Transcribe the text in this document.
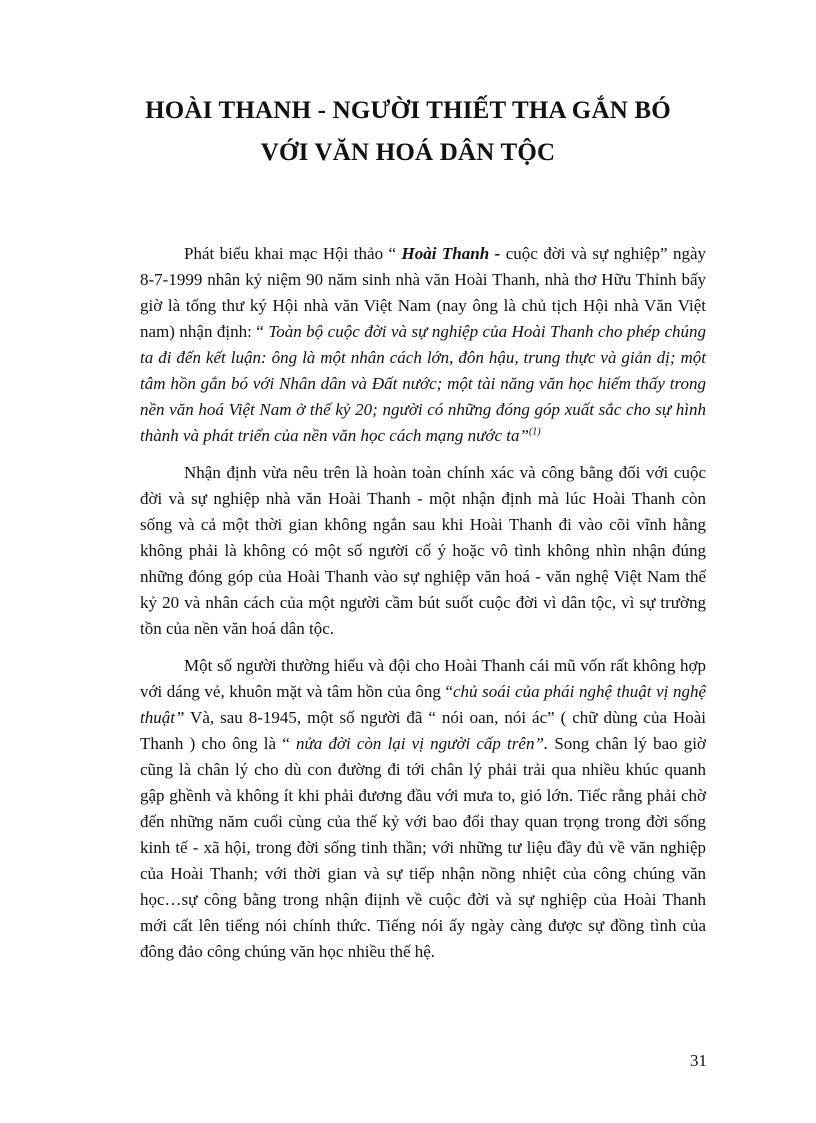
HOÀI THANH - NGƯỜI THIẾT THA GẮN BÓ
VỚI VĂN HOÁ DÂN TỘC

Phát biểu khai mạc Hội thảo “ Hoài Thanh - cuộc đời và sự nghiệp” ngày 8-7-1999 nhân kỷ niệm 90 năm sinh nhà văn Hoài Thanh, nhà thơ Hữu Thỉnh bấy giờ là tổng thư ký Hội nhà văn Việt Nam (nay ông là chủ tịch Hội nhà Văn Việt nam) nhận định: “ Toàn bộ cuộc đời và sự nghiệp của Hoài Thanh cho phép chúng ta đi đến kết luận: ông là một nhân cách lớn, đôn hậu, trung thực và giản dị; một tâm hồn gắn bó với Nhân dân và Đất nước; một tài năng văn học hiếm thấy trong nền văn hoá Việt Nam ở thế kỷ 20; người có những đóng góp xuất sắc cho sự hình thành và phát triển của nền văn học cách mạng nước ta”$^{(1)}$

Nhận định vừa nêu trên là hoàn toàn chính xác và công bằng đối với cuộc đời và sự nghiệp nhà văn Hoài Thanh - một nhận định mà lúc Hoài Thanh còn sống và cả một thời gian không ngắn sau khi Hoài Thanh đi vào cõi vĩnh hằng không phải là không có một số người cố ý hoặc vô tình không nhìn nhận đúng những đóng góp của Hoài Thanh vào sự nghiệp văn hoá - văn nghệ Việt Nam thế kỷ 20 và nhân cách của một người cầm bút suốt cuộc đời vì dân tộc, vì sự trường tồn của nền văn hoá dân tộc.

Một số người thường hiểu và đội cho Hoài Thanh cái mũ vốn rất không hợp với dáng vẻ, khuôn mặt và tâm hồn của ông “chủ soái của phái nghệ thuật vị nghệ thuật” Và, sau 8-1945, một số người đã “ nói oan, nói ác” ( chữ dùng của Hoài Thanh ) cho ông là “ nửa đời còn lại vị người cấp trên”. Song chân lý bao giờ cũng là chân lý cho dù con đường đi tới chân lý phải trải qua nhiều khúc quanh gập ghềnh và không ít khi phải đương đầu với mưa to, gió lớn. Tiếc rằng phải chờ đến những năm cuối cùng của thế kỷ với bao đổi thay quan trọng trong đời sống kinh tế - xã hội, trong đời sống tinh thần; với những tư liệu đầy đủ về văn nghiệp của Hoài Thanh; với thời gian và sự tiếp nhận nồng nhiệt của công chúng văn học…sự công bằng trong nhận điịnh về cuộc đời và sự nghiệp của Hoài Thanh mới cất lên tiếng nói chính thức. Tiếng nói ấy ngày càng được sự đồng tình của đông đảo công chúng văn học nhiều thế hệ.

31
